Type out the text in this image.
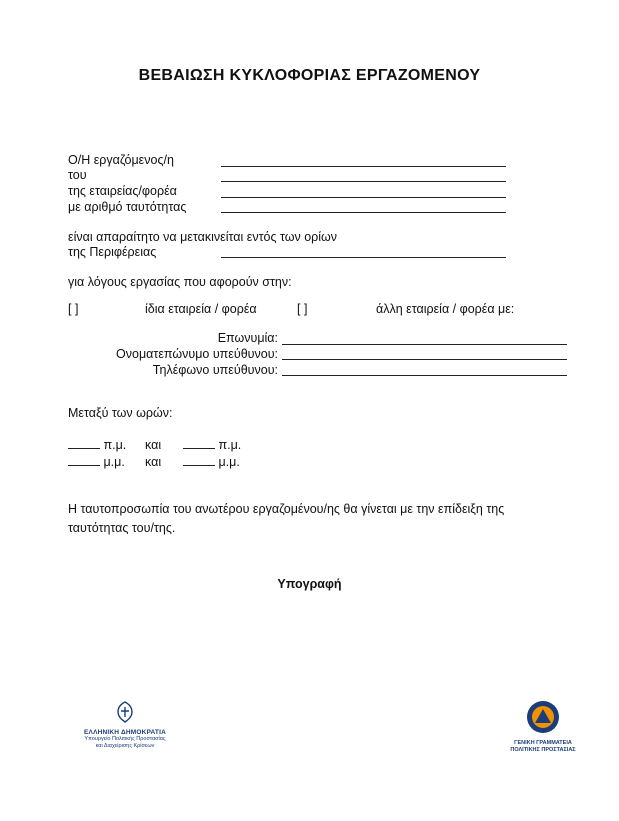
ΒΕΒΑΙΩΣΗ ΚΥΚΛΟΦΟΡΙΑΣ ΕΡΓΑΖΟΜΕΝΟΥ
Ο/Η εργαζόμενος/η
του
της εταιρείας/φορέα
με αριθμό ταυτότητας
είναι απαραίτητο να μετακινείται εντός των ορίων
της Περιφέρειας
για λόγους εργασίας που αφορούν στην:
[ ]	ίδια εταιρεία / φορέα	[ ]	άλλη εταιρεία / φορέα με:
Επωνυμία:
Ονοματεπώνυμο υπεύθυνου:
Τηλέφωνο υπεύθυνου:
Μεταξύ των ωρών:
π.μ. και	π.μ.
μ.μ. και	μ.μ.
Η ταυτοπροσωπία του ανωτέρου εργαζομένου/ης θα γίνεται με την επίδειξη της
ταυτότητας του/της.
Υπογραφή
ΕΛΛΗΝΙΚΗ ΔΗΜΟΚΡΑΤΙΑ
Υπουργείο Πολιτικής Προστασίας
και Διαχείρισης Κρίσεων	ΓΕΝΙΚΗ ΓΡΑΜΜΑΤΕΙΑ
ΠΟΛΙΤΙΚΗΣ ΠΡΟΣΤΑΣΙΑΣ
